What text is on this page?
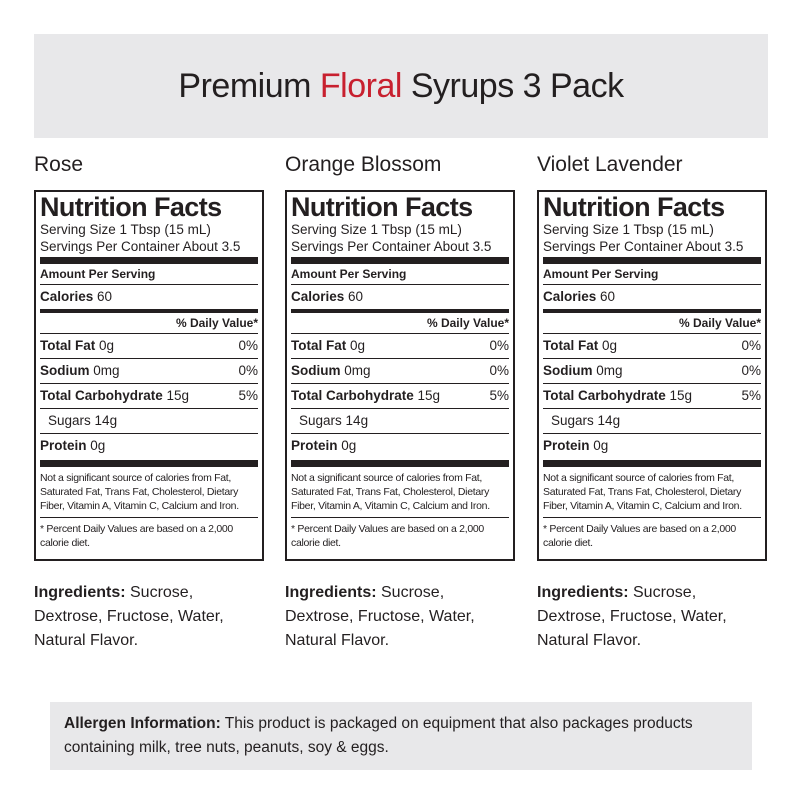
Premium
Floral
Syrups 3 Pack
Rose
Nutrition Facts
Serving Size 1 Tbsp (15 mL)
Servings Per Container About 3.5
Amount Per Serving
Calories 60
% Daily Value*
Total Fat 0g	0%
Sodium 0mg	0%
Total Carbohydrate 15g	5%
Sugars 14g
Protein 0g
Not a significant source of calories from Fat, Saturated Fat, Trans Fat, Cholesterol, Dietary Fiber, Vitamin A, Vitamin C, Calcium and Iron.
* Percent Daily Values are based on a 2,000 calorie diet.
Ingredients: Sucrose, Dextrose, Fructose, Water, Natural Flavor.
Orange Blossom
Nutrition Facts
Serving Size 1 Tbsp (15 mL)
Servings Per Container About 3.5
Amount Per Serving
Calories 60
% Daily Value*
Total Fat 0g	0%
Sodium 0mg	0%
Total Carbohydrate 15g	5%
Sugars 14g
Protein 0g
Not a significant source of calories from Fat, Saturated Fat, Trans Fat, Cholesterol, Dietary Fiber, Vitamin A, Vitamin C, Calcium and Iron.
* Percent Daily Values are based on a 2,000 calorie diet.
Ingredients: Sucrose, Dextrose, Fructose, Water, Natural Flavor.
Violet Lavender
Nutrition Facts
Serving Size 1 Tbsp (15 mL)
Servings Per Container About 3.5
Amount Per Serving
Calories 60
% Daily Value*
Total Fat 0g	0%
Sodium 0mg	0%
Total Carbohydrate 15g	5%
Sugars 14g
Protein 0g
Not a significant source of calories from Fat, Saturated Fat, Trans Fat, Cholesterol, Dietary Fiber, Vitamin A, Vitamin C, Calcium and Iron.
* Percent Daily Values are based on a 2,000 calorie diet.
Ingredients: Sucrose, Dextrose, Fructose, Water, Natural Flavor.
Allergen Information: This product is packaged on equipment that also packages products containing milk, tree nuts, peanuts, soy & eggs.
